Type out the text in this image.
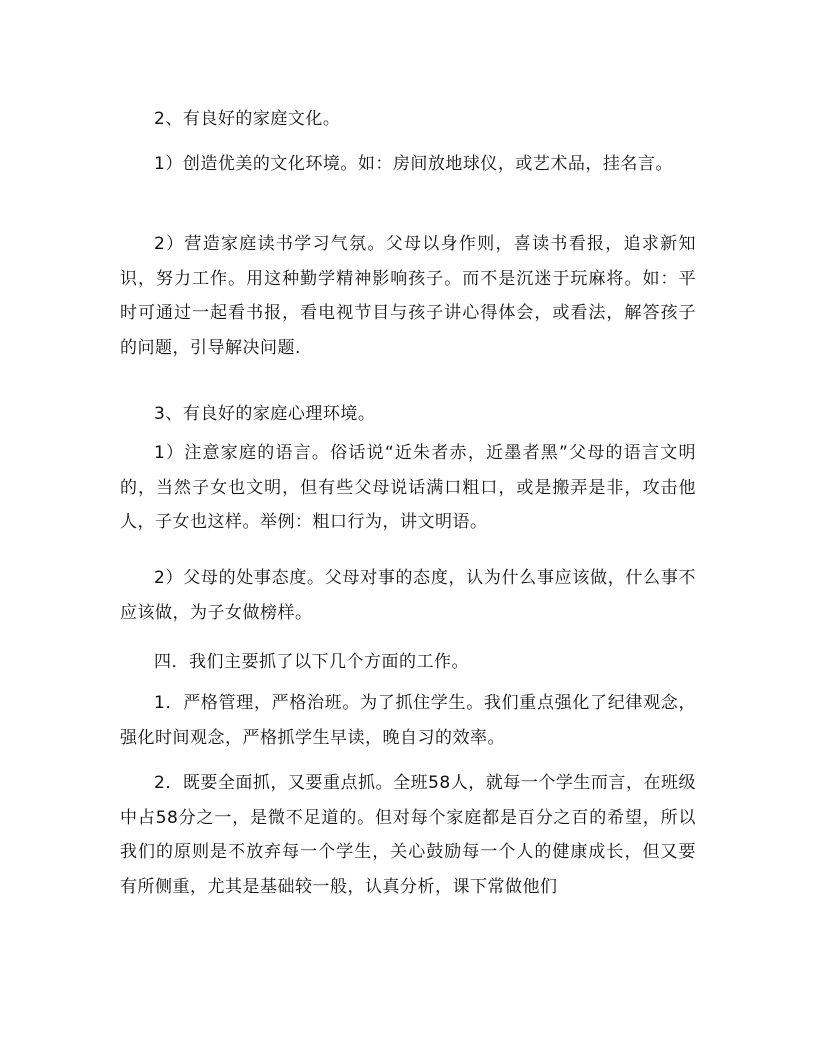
2、有良好的家庭文化。

1）创造优美的文化环境。如：房间放地球仪，或艺术品，挂名言。

2）营造家庭读书学习气氛。父母以身作则，喜读书看报，追求新知识，努力工作。用这种勤学精神影响孩子。而不是沉迷于玩麻将。如：平时可通过一起看书报，看电视节目与孩子讲心得体会，或看法，解答孩子的问题，引导解决问题.

3、有良好的家庭心理环境。

1）注意家庭的语言。俗话说“近朱者赤，近墨者黑”父母的语言文明的，当然子女也文明，但有些父母说话满口粗口，或是搬弄是非，攻击他人，子女也这样。举例：粗口行为，讲文明语。

2）父母的处事态度。父母对事的态度，认为什么事应该做，什么事不应该做，为子女做榜样。

四．我们主要抓了以下几个方面的工作。

1．严格管理，严格治班。为了抓住学生。我们重点强化了纪律观念，强化时间观念，严格抓学生早读，晚自习的效率。

2．既要全面抓，又要重点抓。全班58人，就每一个学生而言，在班级中占58分之一，是微不足道的。但对每个家庭都是百分之百的希望，所以我们的原则是不放弃每一个学生，关心鼓励每一个人的健康成长，但又要有所侧重，尤其是基础较一般，认真分析，课下常做他们
